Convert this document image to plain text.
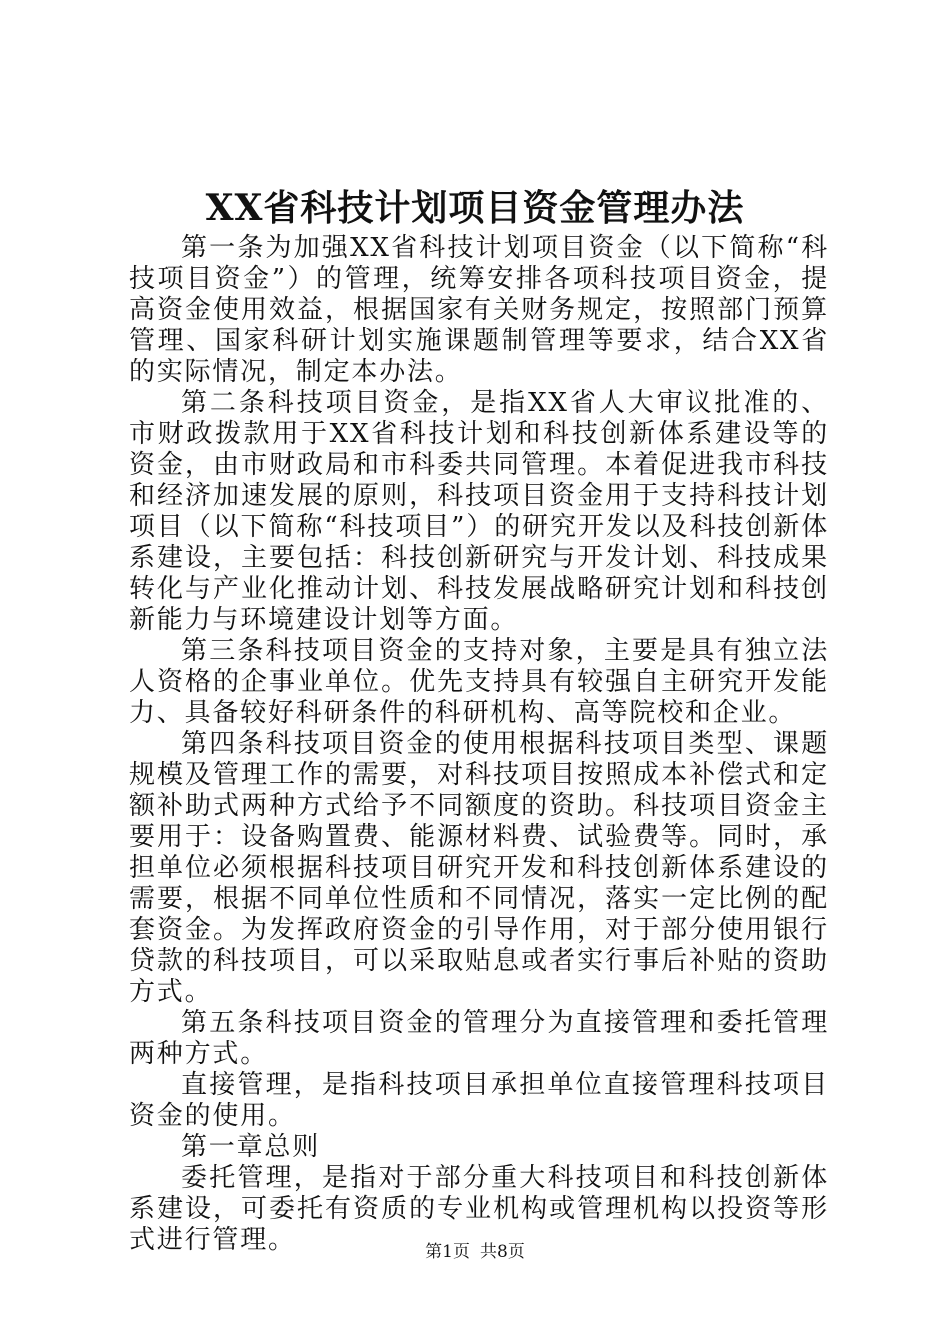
XX省科技计划项目资金管理办法

第一条为加强XX省科技计划项目资金（以下简称“科技项目资金”）的管理，统筹安排各项科技项目资金，提高资金使用效益，根据国家有关财务规定，按照部门预算管理、国家科研计划实施课题制管理等要求，结合XX省的实际情况，制定本办法。

第二条科技项目资金，是指XX省人大审议批准的、市财政拨款用于XX省科技计划和科技创新体系建设等的资金，由市财政局和市科委共同管理。本着促进我市科技和经济加速发展的原则，科技项目资金用于支持科技计划项目（以下简称“科技项目”）的研究开发以及科技创新体系建设，主要包括：科技创新研究与开发计划、科技成果转化与产业化推动计划、科技发展战略研究计划和科技创新能力与环境建设计划等方面。

第三条科技项目资金的支持对象，主要是具有独立法人资格的企事业单位。优先支持具有较强自主研究开发能力、具备较好科研条件的科研机构、高等院校和企业。

第四条科技项目资金的使用根据科技项目类型、课题规模及管理工作的需要，对科技项目按照成本补偿式和定额补助式两种方式给予不同额度的资助。科技项目资金主要用于：设备购置费、能源材料费、试验费等。同时，承担单位必须根据科技项目研究开发和科技创新体系建设的需要，根据不同单位性质和不同情况，落实一定比例的配套资金。为发挥政府资金的引导作用，对于部分使用银行贷款的科技项目，可以采取贴息或者实行事后补贴的资助方式。

第五条科技项目资金的管理分为直接管理和委托管理两种方式。

直接管理，是指科技项目承担单位直接管理科技项目资金的使用。

第一章总则

委托管理，是指对于部分重大科技项目和科技创新体系建设，可委托有资质的专业机构或管理机构以投资等形式进行管理。	第1页 共8页
